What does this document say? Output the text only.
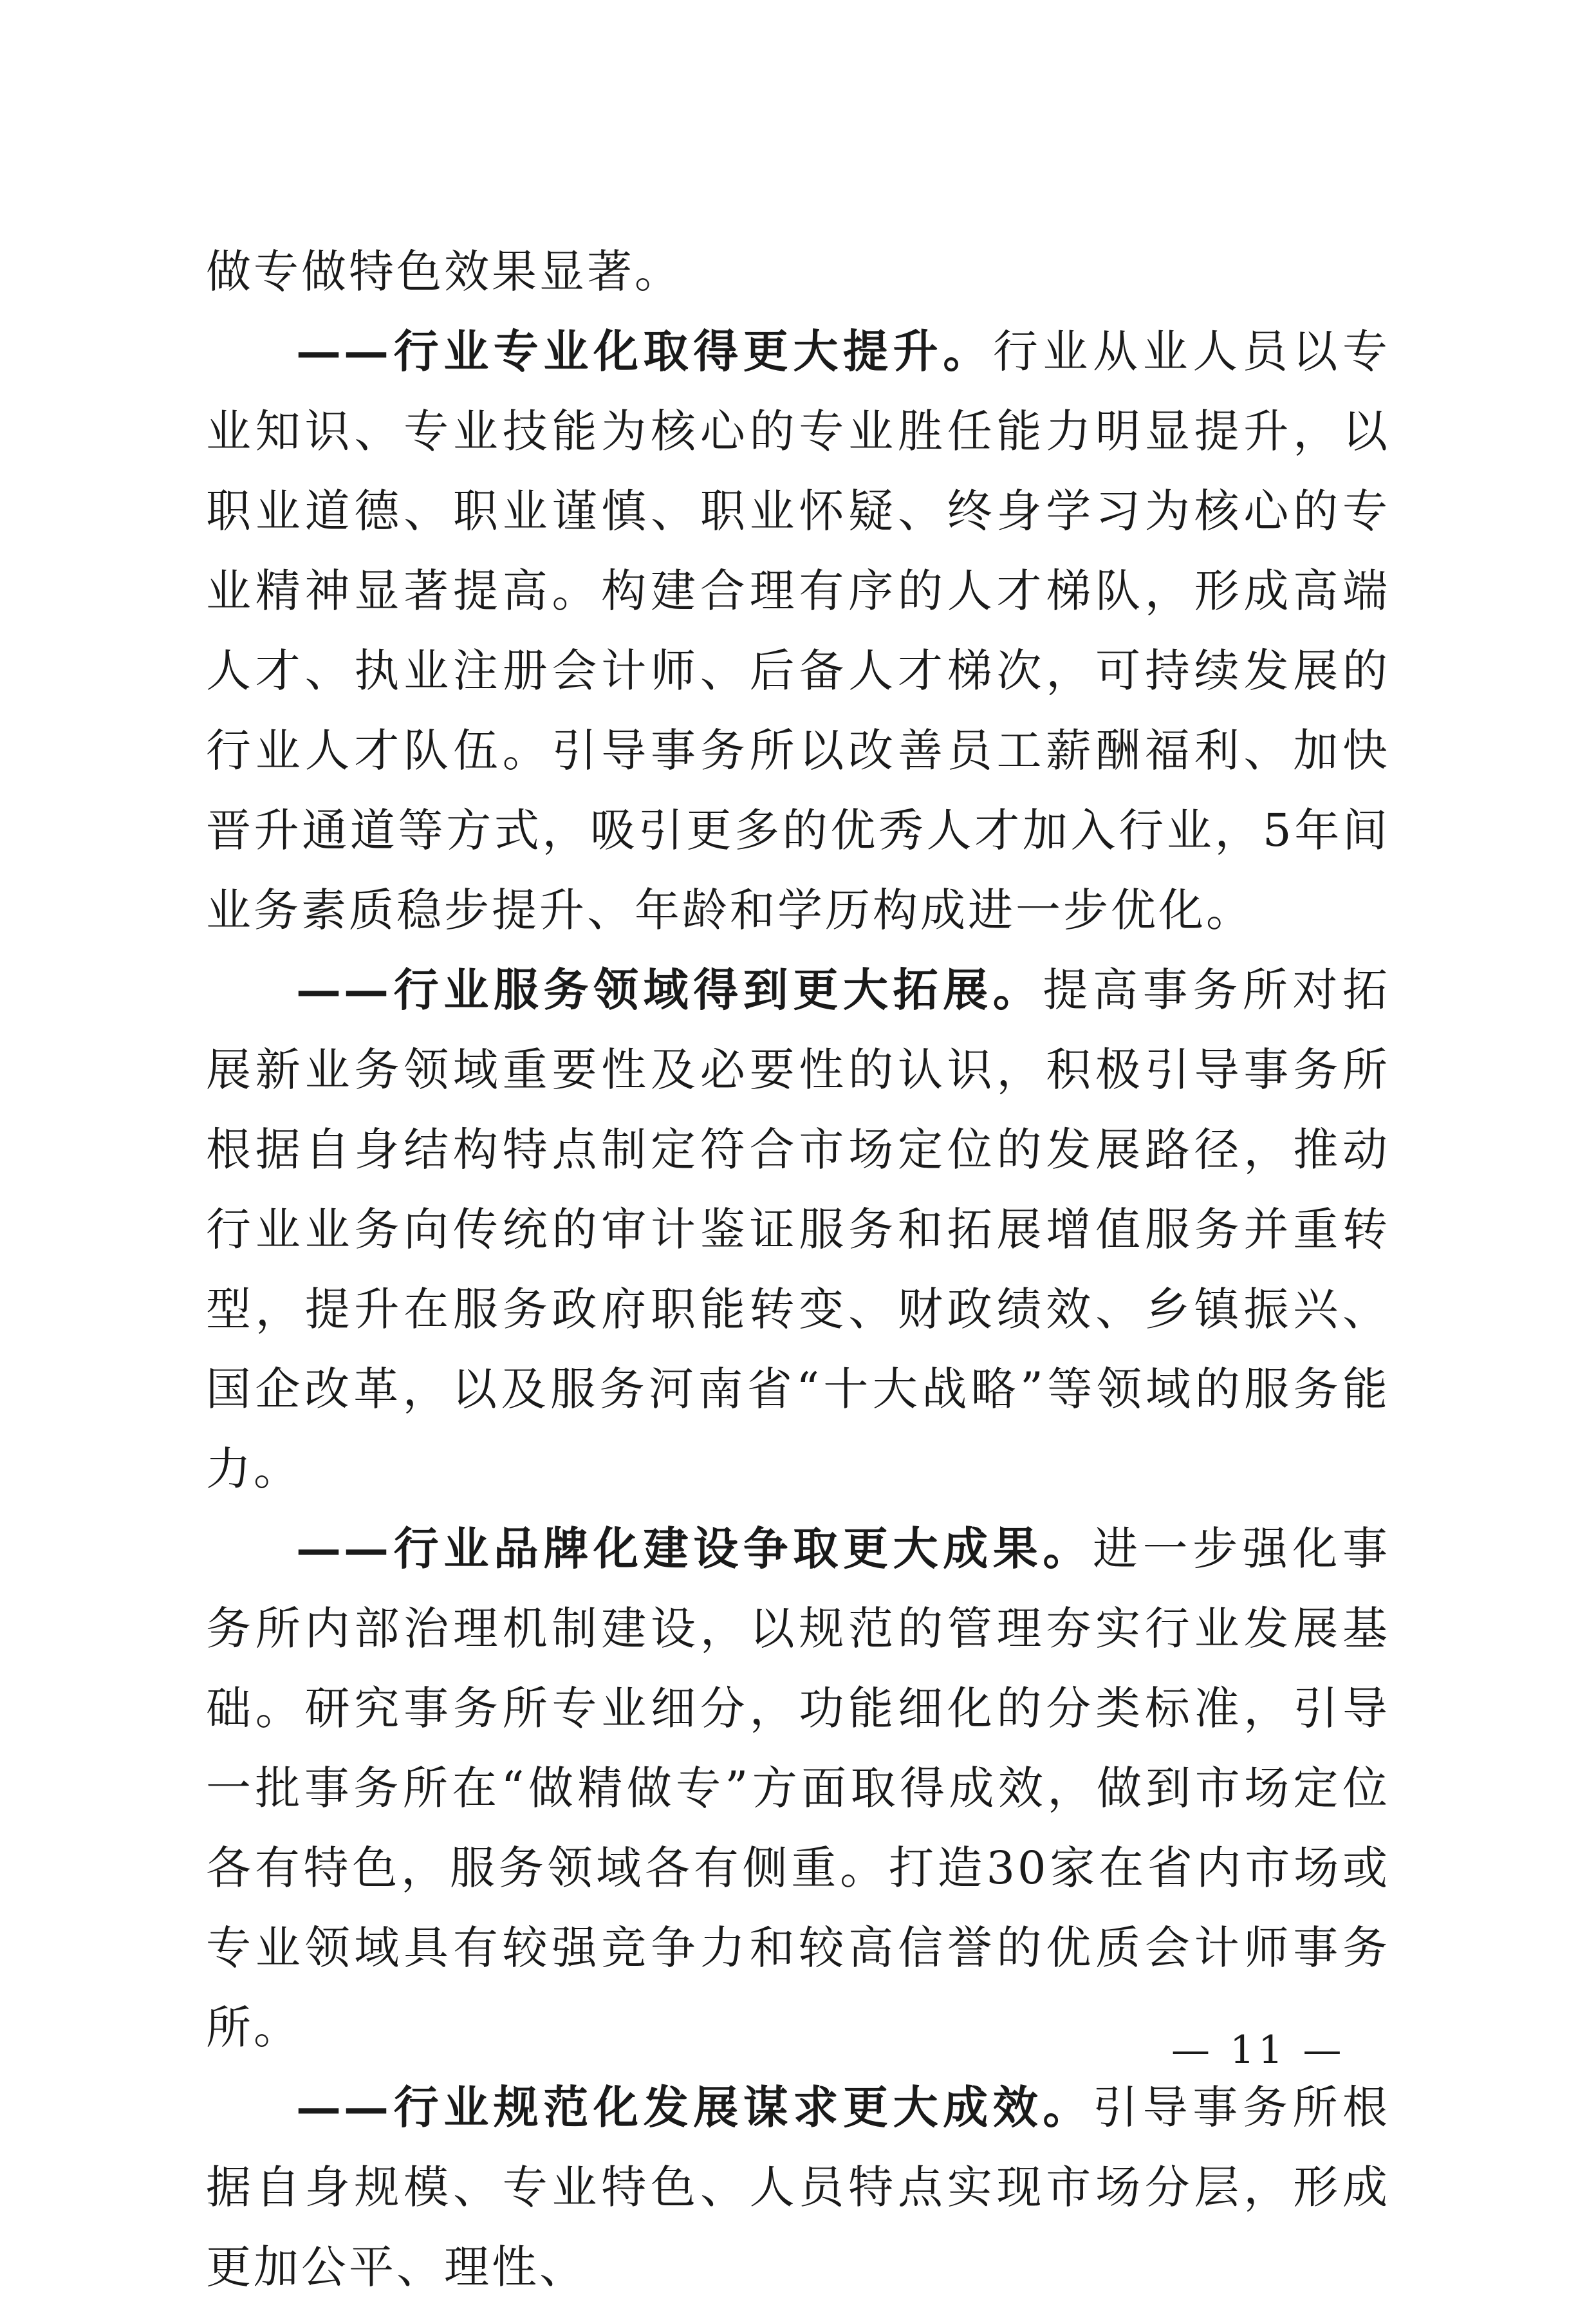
做专做特色效果显著。

——行业专业化取得更大提升。行业从业人员以专业知识、专业技能为核心的专业胜任能力明显提升，以职业道德、职业谨慎、职业怀疑、终身学习为核心的专业精神显著提高。构建合理有序的人才梯队，形成高端人才、执业注册会计师、后备人才梯次，可持续发展的行业人才队伍。引导事务所以改善员工薪酬福利、加快晋升通道等方式，吸引更多的优秀人才加入行业，5年间业务素质稳步提升、年龄和学历构成进一步优化。

——行业服务领域得到更大拓展。提高事务所对拓展新业务领域重要性及必要性的认识，积极引导事务所根据自身结构特点制定符合市场定位的发展路径，推动行业业务向传统的审计鉴证服务和拓展增值服务并重转型，提升在服务政府职能转变、财政绩效、乡镇振兴、国企改革，以及服务河南省“十大战略”等领域的服务能力。

——行业品牌化建设争取更大成果。进一步强化事务所内部治理机制建设，以规范的管理夯实行业发展基础。研究事务所专业细分，功能细化的分类标准，引导一批事务所在“做精做专”方面取得成效，做到市场定位各有特色，服务领域各有侧重。打造30家在省内市场或专业领域具有较强竞争力和较高信誉的优质会计师事务所。

——行业规范化发展谋求更大成效。引导事务所根据自身规模、专业特色、人员特点实现市场分层，形成更加公平、理性、

— 11 —
